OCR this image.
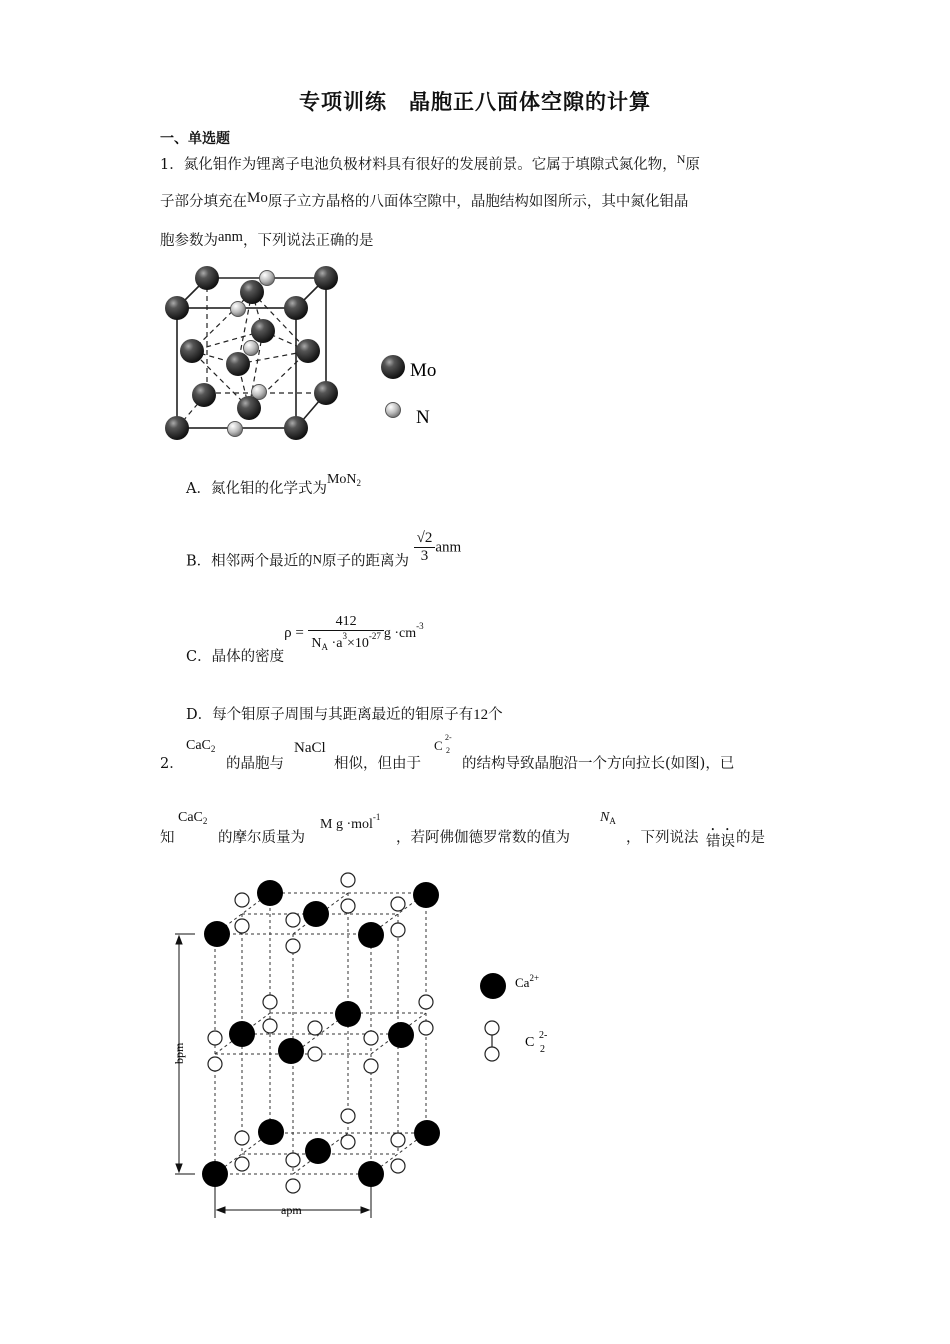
专项训练　晶胞正八面体空隙的计算
一、单选题
1．氮化钼作为锂离子电池负极材料具有很好的发展前景。它属于填隙式氮化物，$^N$原
子部分填充在Mo原子立方晶格的八面体空隙中，晶胞结构如图所示，其中氮化钼晶
胞参数为anm，下列说法正确的是
Mo
N
A．氮化钼的化学式为MoN$_2$
B．相邻两个最近的N原子的距离为 $\frac{√2}{3}$ anm
C．晶体的密度$\rho = \frac{412}{N_A \cdot a^3\times 10^{-27}}$ $g \cdot cm^{-3}$
D．每个钼原子周围与其距离最近的钼原子有12个
2．
CaC$_2$
的晶胞与
NaCl
相似，但由于
C
2-
2
的结构导致晶胞沿一个方向拉长(如图)，已
知
CaC$_2$
的摩尔质量为
M g ·mol$^{-1}$
，若阿佛伽德罗常数的值为
$N_A$
，下列说法 错误 的是
bpm
apm
$Ca^{2+}$
C 2-
2
